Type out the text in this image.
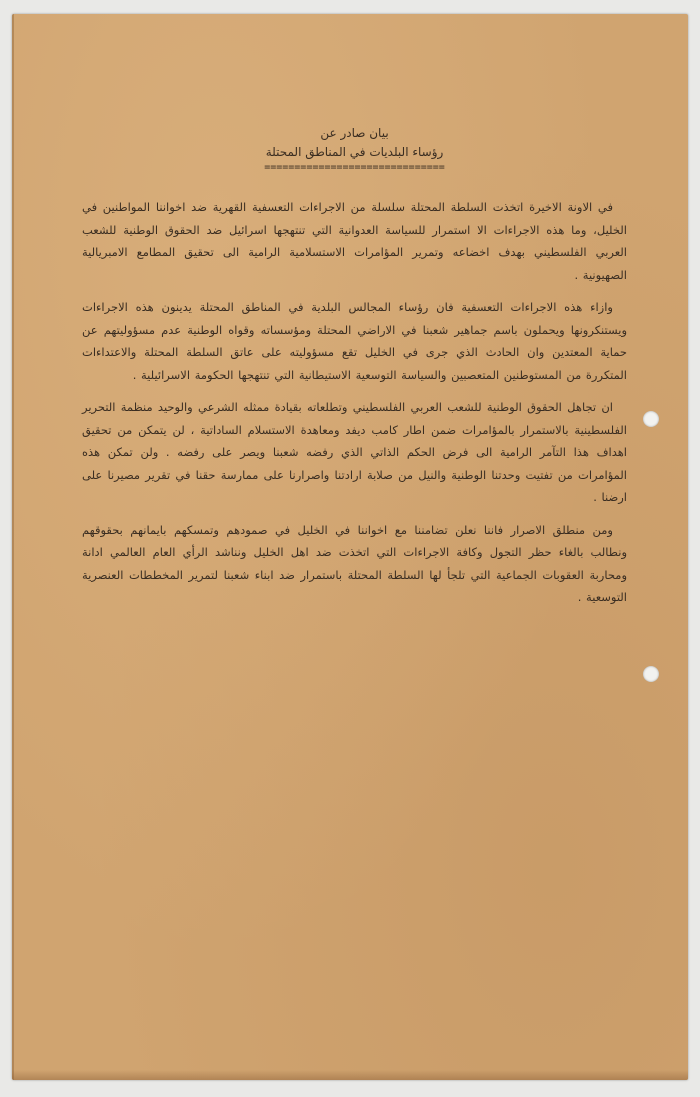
بيان صادر عن
رؤساء البلديات في المناطق المحتلة
==============================

في الاونة الاخيرة اتخذت السلطة المحتلة سلسلة من الاجراءات التعسفية القهرية ضد اخواننا المواطنين في الخليل، وما هذه الاجراءات الا استمرار للسياسة العدوانية التي تنتهجها اسرائيل ضد الحقوق الوطنية للشعب العربي الفلسطيني بهدف اخضاعه وتمرير المؤامرات الاستسلامية الرامية الى تحقيق المطامع الامبريالية الصهيونية .

وازاء هذه الاجراءات التعسفية فان رؤساء المجالس البلدية في المناطق المحتلة يدينون هذه الاجراءات ويستنكرونها ويحملون باسم جماهير شعبنا في الاراضي المحتلة ومؤسساته وقواه الوطنية عدم مسؤوليتهم عن حماية المعتدين وان الحادث الذي جرى في الخليل تقع مسؤوليته على عاتق السلطة المحتلة والاعتداءات المتكررة من المستوطنين المتعصبين والسياسة التوسعية الاستيطانية التي تنتهجها الحكومة الاسرائيلية .

ان تجاهل الحقوق الوطنية للشعب العربي الفلسطيني وتطلعاته بقيادة ممثله الشرعي والوحيد منظمة التحرير الفلسطينية بالاستمرار بالمؤامرات ضمن اطار كامب ديفد ومعاهدة الاستسلام الساداتية ، لن يتمكن من تحقيق اهداف هذا التآمر الرامية الى فرض الحكم الذاتي الذي رفضه شعبنا ويصر على رفضه . ولن تمكن هذه المؤامرات من تفتيت وحدتنا الوطنية والنيل من صلابة ارادتنا واصرارنا على ممارسة حقنا في تقرير مصيرنا على ارضنا .

ومن منطلق الاصرار فاننا نعلن تضامننا مع اخواننا في الخليل في صمودهم وتمسكهم بايمانهم بحقوقهم ونطالب بالغاء حظر التجول وكافة الاجراءات التي اتخذت ضد اهل الخليل ونناشد الرأي العام العالمي ادانة ومحاربة العقوبات الجماعية التي تلجأ لها السلطة المحتلة باستمرار ضد ابناء شعبنا لتمرير المخططات العنصرية التوسعية .
